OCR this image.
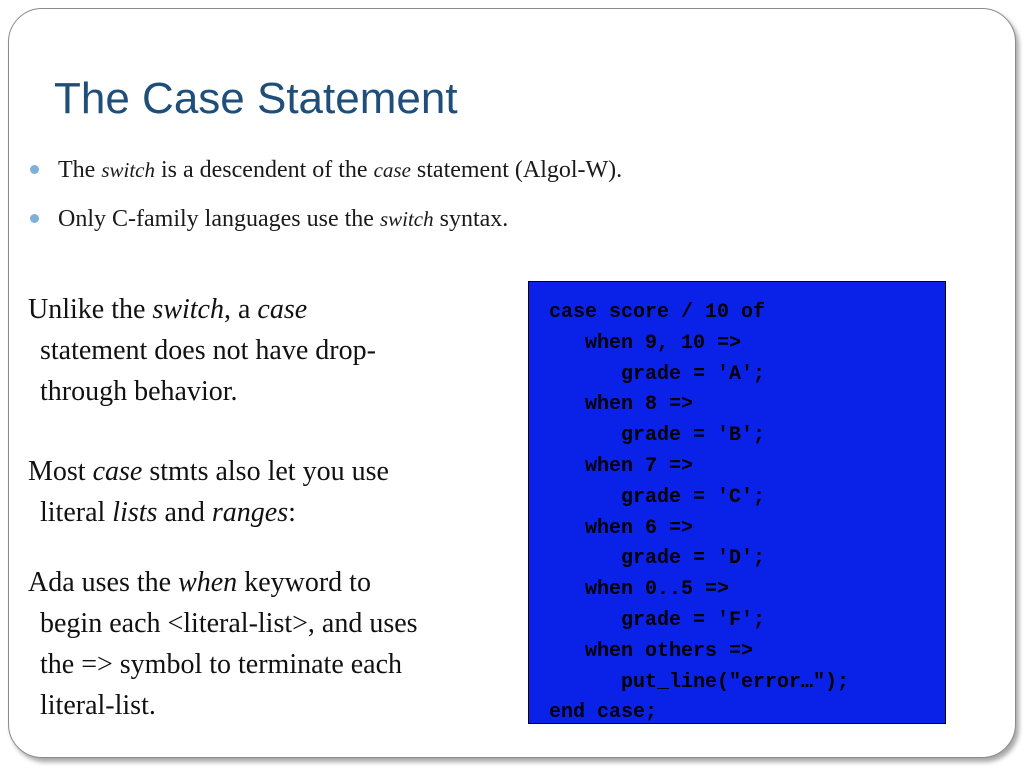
The Case Statement
The switch is a descendent of the case statement (Algol-W).
Only C-family languages use the switch syntax.
Unlike the switch, a case
statement does not have drop-
through behavior.
Most case stmts also let you use
literal lists and ranges:
Ada uses the when keyword to
begin each <literal-list>, and uses
the => symbol to terminate each
literal-list.
case score / 10 of
when 9, 10 =>
grade = 'A';
when 8 =>
grade = 'B';
when 7 =>
grade = 'C';
when 6 =>
grade = 'D';
when 0..5 =>
grade = 'F';
when others =>
put_line("error…");
end case;
